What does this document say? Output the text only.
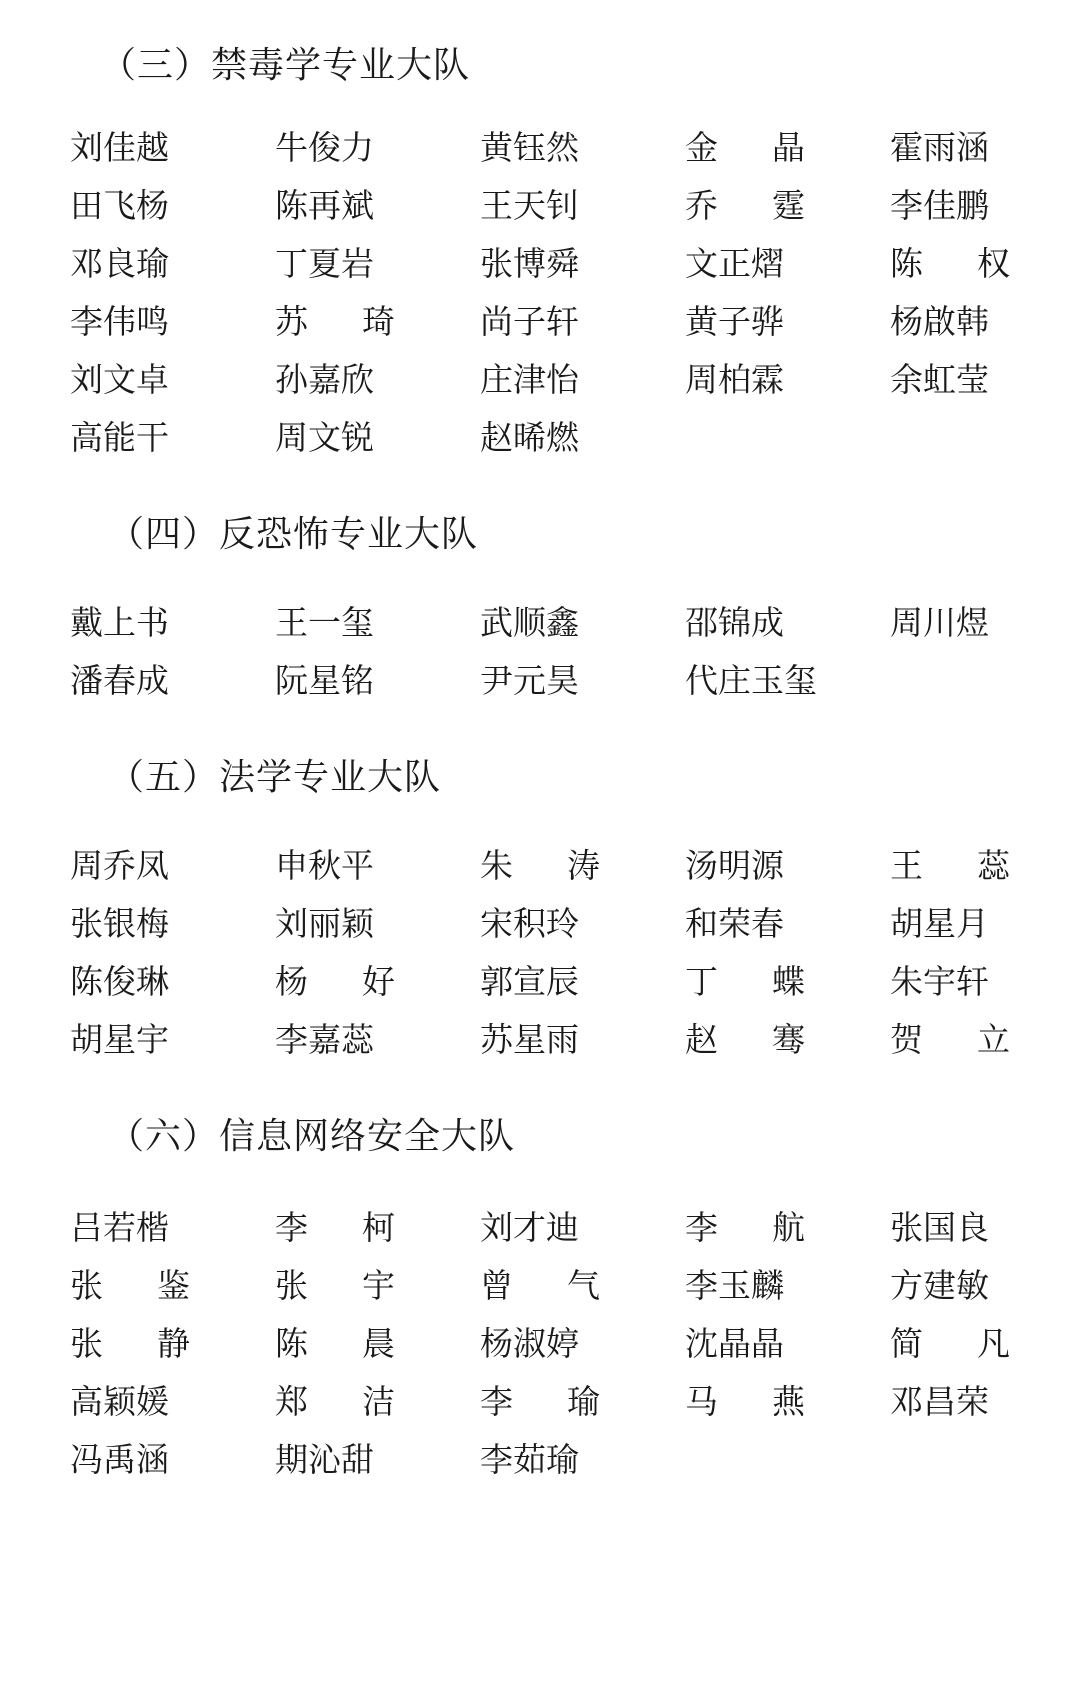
（三）禁毒学专业大队
刘佳越	牛俊力	黄钰然	金 晶	霍雨涵
田飞杨	陈再斌	王天钊	乔 霆	李佳鹏
邓良瑜	丁夏岩	张博舜	文正熠	陈 权
李伟鸣	苏 琦	尚子轩	黄子骅	杨啟韩
刘文卓	孙嘉欣	庄津怡	周柏霖	余虹莹
高能干	周文锐	赵晞燃
（四）反恐怖专业大队
戴上书	王一玺	武顺鑫	邵锦成	周川煜
潘春成	阮星铭	尹元昊	代庄玉玺
（五）法学专业大队
周乔凤	申秋平	朱 涛	汤明源	王 蕊
张银梅	刘丽颖	宋积玲	和荣春	胡星月
陈俊琳	杨 好	郭宣辰	丁 蝶	朱宇轩
胡星宇	李嘉蕊	苏星雨	赵 骞	贺 立
（六）信息网络安全大队
吕若楷	李 柯	刘才迪	李 航	张国良
张 鉴	张 宇	曾 气	李玉麟	方建敏
张 静	陈 晨	杨淑婷	沈晶晶	简 凡
高颖媛	郑 洁	李 瑜	马 燕	邓昌荣
冯禹涵	期沁甜	李茹瑜
